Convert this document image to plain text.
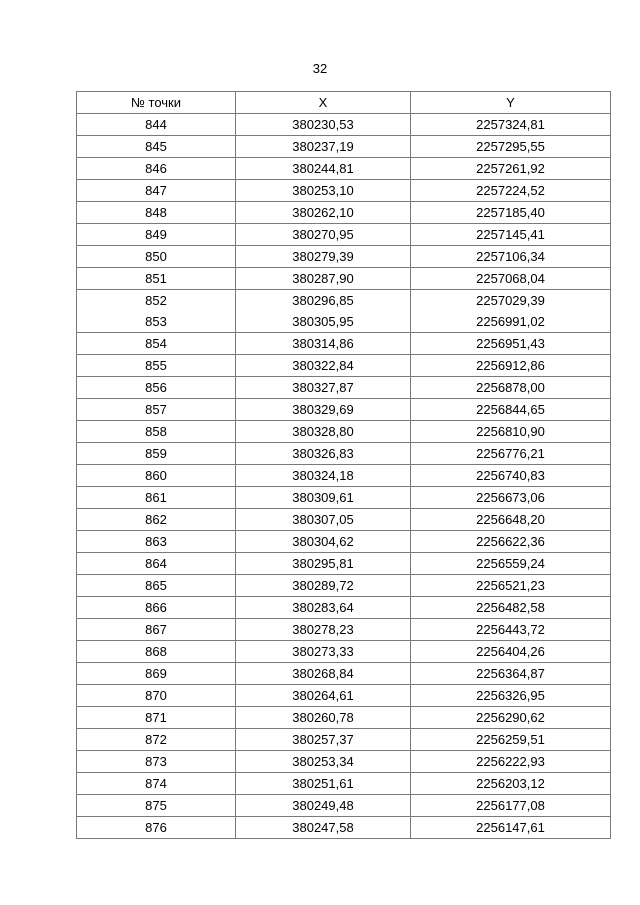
32
№ точки	X	Y
844	380230,53	2257324,81
845	380237,19	2257295,55
846	380244,81	2257261,92
847	380253,10	2257224,52
848	380262,10	2257185,40
849	380270,95	2257145,41
850	380279,39	2257106,34
851	380287,90	2257068,04
852	380296,85	2257029,39
853	380305,95	2256991,02
854	380314,86	2256951,43
855	380322,84	2256912,86
856	380327,87	2256878,00
857	380329,69	2256844,65
858	380328,80	2256810,90
859	380326,83	2256776,21
860	380324,18	2256740,83
861	380309,61	2256673,06
862	380307,05	2256648,20
863	380304,62	2256622,36
864	380295,81	2256559,24
865	380289,72	2256521,23
866	380283,64	2256482,58
867	380278,23	2256443,72
868	380273,33	2256404,26
869	380268,84	2256364,87
870	380264,61	2256326,95
871	380260,78	2256290,62
872	380257,37	2256259,51
873	380253,34	2256222,93
874	380251,61	2256203,12
875	380249,48	2256177,08
876	380247,58	2256147,61
